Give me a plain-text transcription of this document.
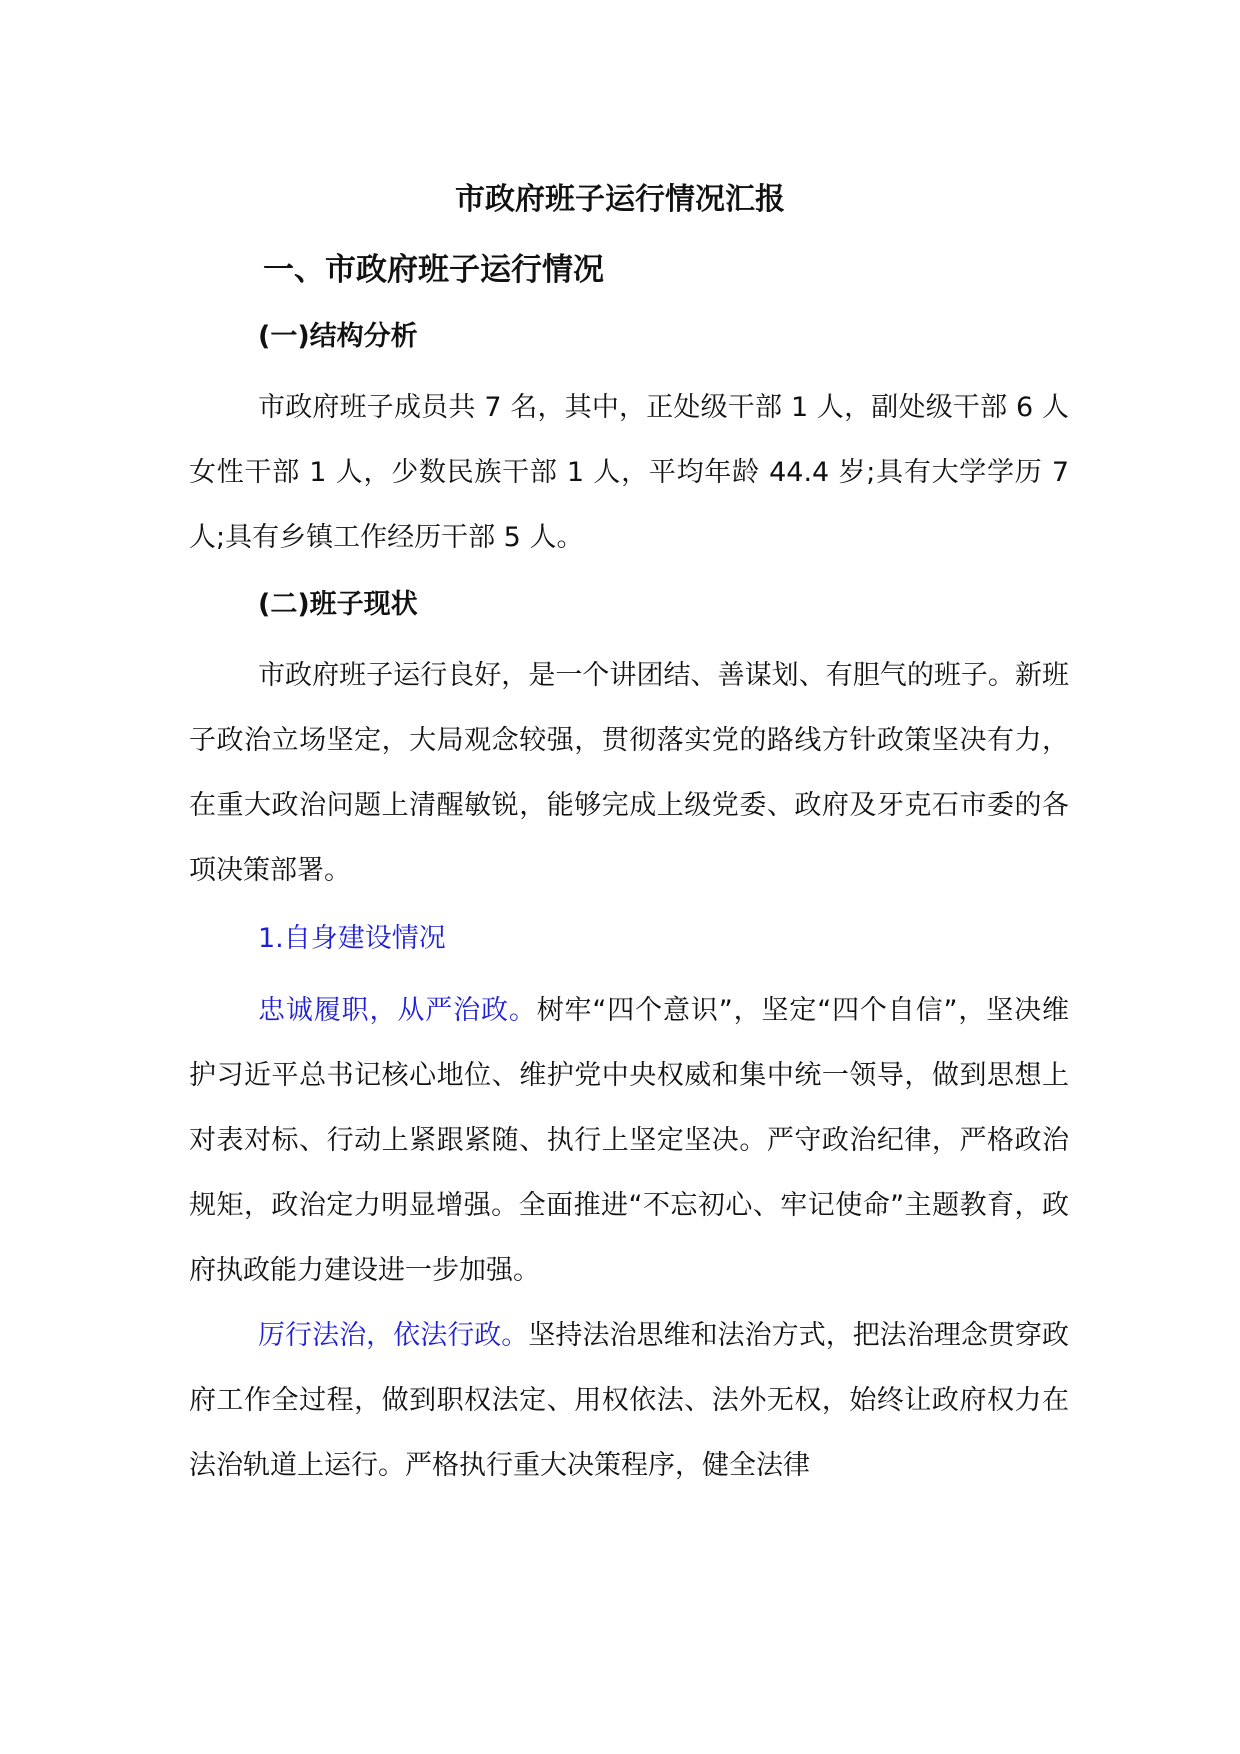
市政府班子运行情况汇报
一、市政府班子运行情况
(一)结构分析

市政府班子成员共 7 名，其中，正处级干部 1 人，副处级干部 6 人女性干部 1 人，少数民族干部 1 人，平均年龄 44.4 岁;具有大学学历 7 人;具有乡镇工作经历干部 5 人。

(二)班子现状

市政府班子运行良好，是一个讲团结、善谋划、有胆气的班子。新班子政治立场坚定，大局观念较强，贯彻落实党的路线方针政策坚决有力，在重大政治问题上清醒敏锐，能够完成上级党委、政府及牙克石市委的各项决策部署。

1.自身建设情况

忠诚履职，从严治政。树牢“四个意识”，坚定“四个自信”，坚决维护习近平总书记核心地位、维护党中央权威和集中统一领导，做到思想上对表对标、行动上紧跟紧随、执行上坚定坚决。严守政治纪律，严格政治规矩，政治定力明显增强。全面推进“不忘初心、牢记使命”主题教育，政府执政能力建设进一步加强。

厉行法治，依法行政。坚持法治思维和法治方式，把法治理念贯穿政府工作全过程，做到职权法定、用权依法、法外无权，始终让政府权力在法治轨道上运行。严格执行重大决策程序，健全法律
